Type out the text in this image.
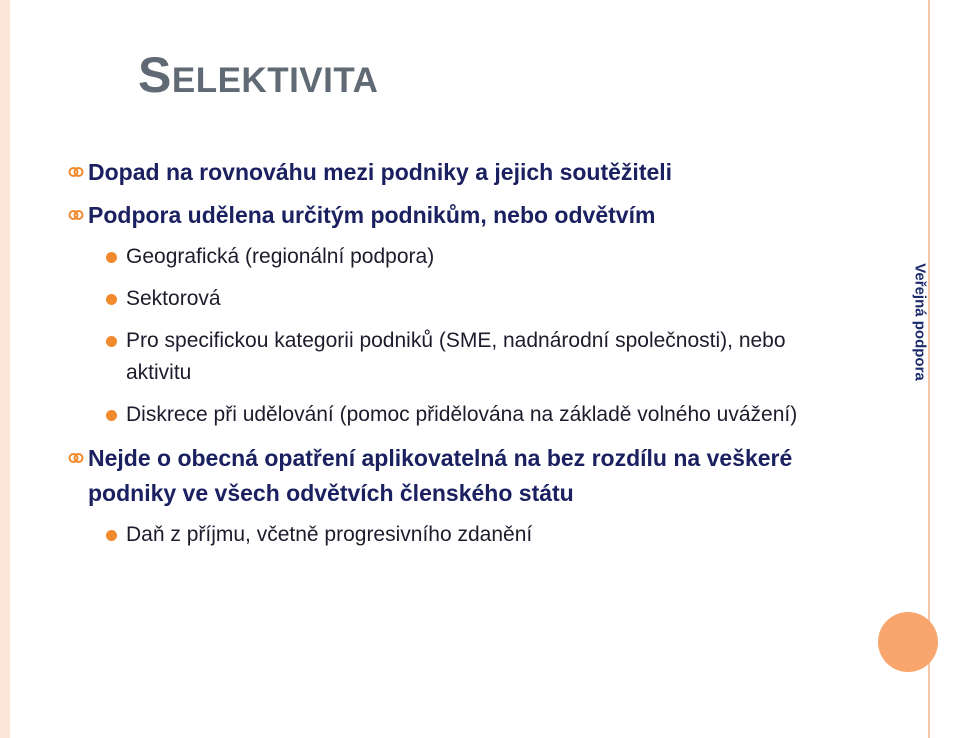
Selektivita
Dopad na rovnováhu mezi podniky a jejich soutěžiteli
Podpora udělena určitým podnikům, nebo odvětvím
Geografická (regionální podpora)
Sektorová
Pro specifickou kategorii podniků (SME, nadnárodní společnosti), nebo aktivitu
Diskrece při udělování (pomoc přidělována na základě volného uvážení)
Nejde o obecná opatření aplikovatelná na bez rozdílu na veškeré podniky ve všech odvětvích členského státu
Daň z příjmu, včetně progresivního zdanění
Veřejná podpora
